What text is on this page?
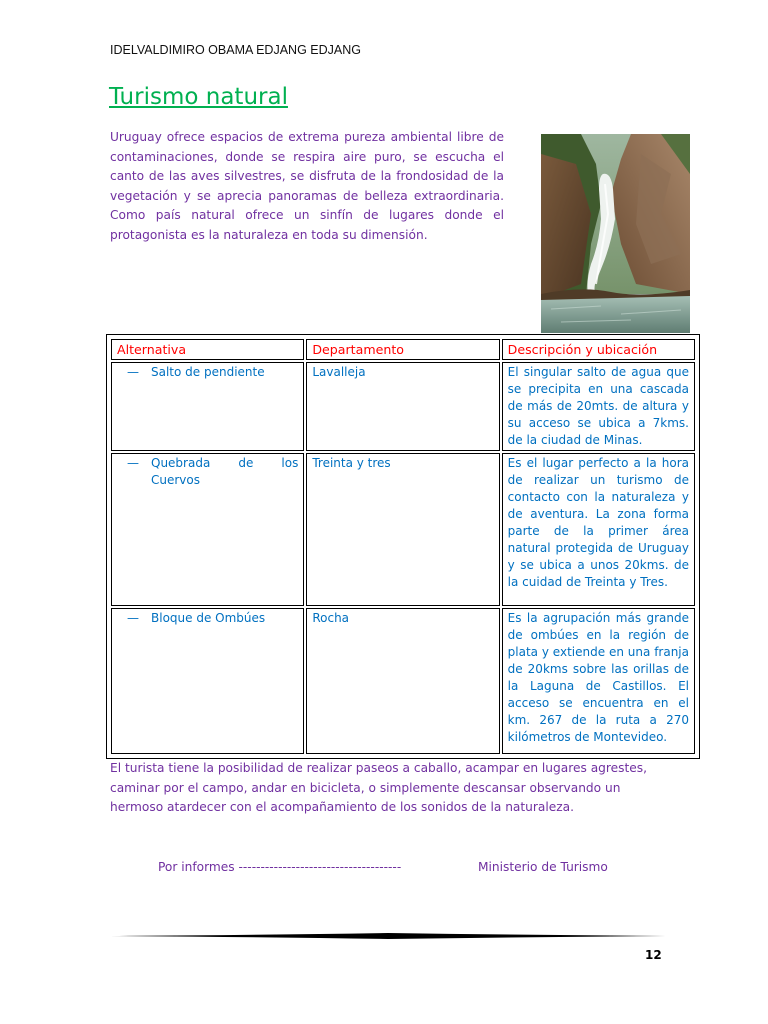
IDELVALDIMIRO OBAMA EDJANG EDJANG
Turismo natural

Uruguay ofrece espacios de extrema pureza ambiental libre de contaminaciones, donde se respira aire puro, se escucha el canto de las aves silvestres, se disfruta de la frondosidad de la vegetación y se aprecia panoramas de belleza extraordinaria. Como país natural ofrece un sinfín de lugares donde el protagonista es la naturaleza en toda su dimensión.

Alternativa	Departamento	Descripción y ubicación

— Salto de pendiente	Lavalleja	El singular salto de agua que se precipita en una cascada de más de 20mts. de altura y su acceso se ubica a 7kms. de la ciudad de Minas.

— Quebrada de los Cuervos	Treinta y tres	Es el lugar perfecto a la hora de realizar un turismo de contacto con la naturaleza y de aventura. La zona forma parte de la primer área natural protegida de Uruguay y se ubica a unos 20kms. de la cuidad de Treinta y Tres.

— Bloque de Ombúes	Rocha	Es la agrupación más grande de ombúes en la región de plata y extiende en una franja de 20kms sobre las orillas de la Laguna de Castillos. El acceso se encuentra en el km. 267 de la ruta a 270 kilómetros de Montevideo.

El turista tiene la posibilidad de realizar paseos a caballo, acampar en lugares agrestes, caminar por el campo, andar en bicicleta, o simplemente descansar observando un hermoso atardecer con el acompañamiento de los sonidos de la naturaleza.

Por informes -------------------------------------	Ministerio de Turismo
12
